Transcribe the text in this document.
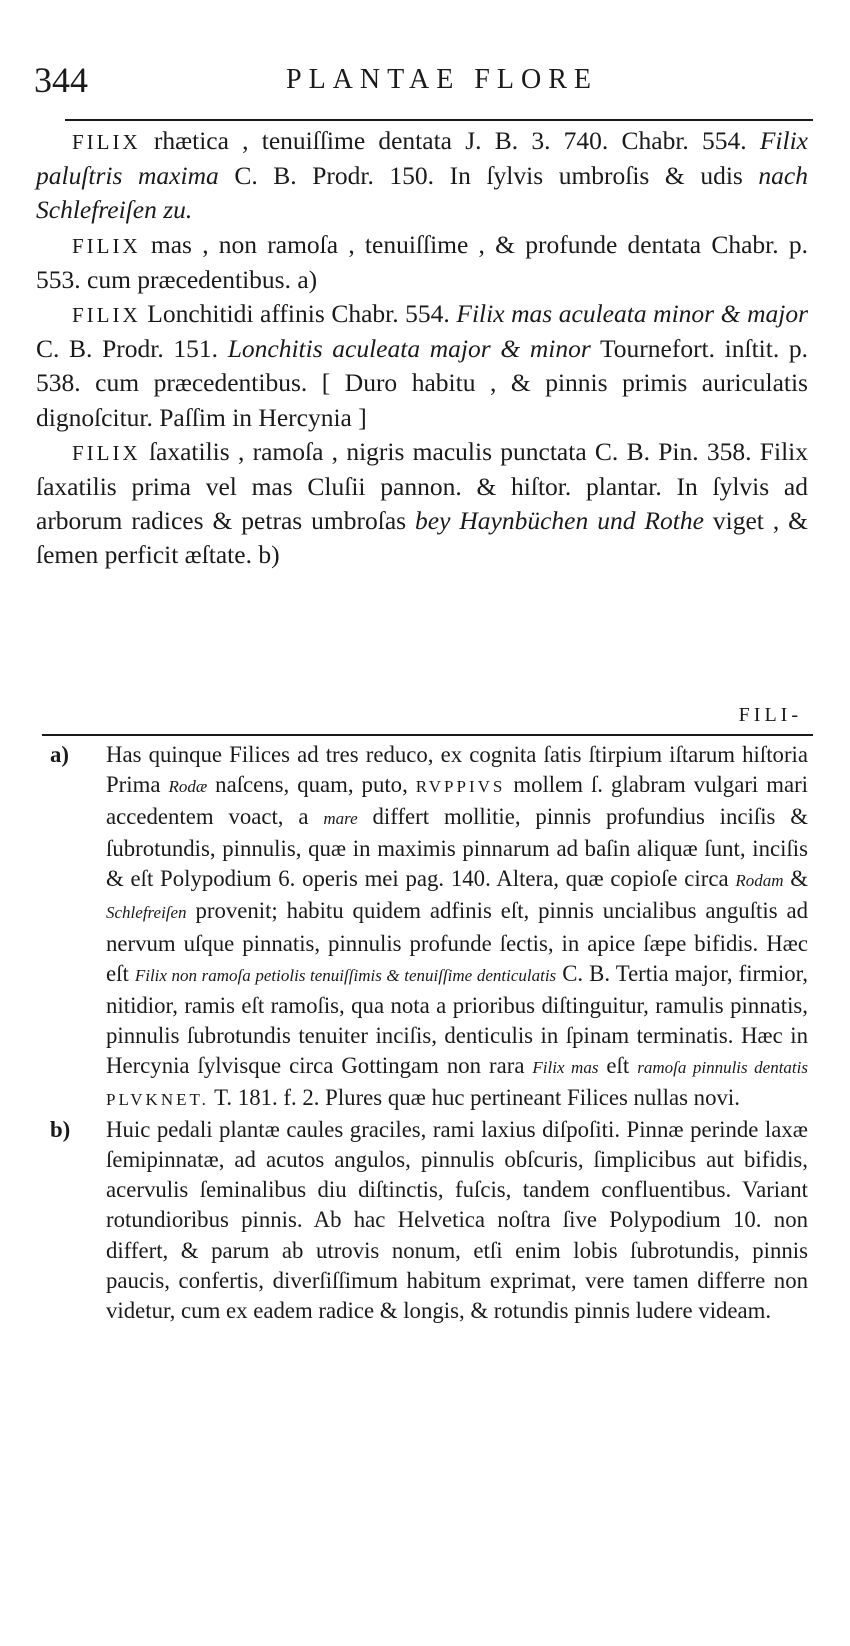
344	PLANTAE FLORE

FILIX rhætica , tenuiſſime dentata J. B. 3. 740. Chabr. 554. Filix paluſtris maxima C. B. Prodr. 150. In ſylvis umbroſis & udis nach Schlefreiſen zu.

FILIX mas , non ramoſa , tenuiſſime , & profunde dentata Chabr. p. 553. cum præcedentibus. a)

FILIX Lonchitidi affinis Chabr. 554. Filix mas aculeata minor & major C. B. Prodr. 151. Lonchitis aculeata major & minor Tournefort. inſtit. p. 538. cum præcedentibus. [ Duro habitu , & pinnis primis auriculatis dignoſcitur. Paſſim in Hercynia ]

FILIX ſaxatilis , ramoſa , nigris maculis punctata C. B. Pin. 358. Filix ſaxatilis prima vel mas Cluſii pannon. & hiſtor. plantar. In ſylvis ad arborum radices & petras umbroſas bey Haynbüchen und Rothe viget , & ſemen perficit æſtate. b)

FILI-

a) Has quinque Filices ad tres reduco, ex cognita ſatis ſtirpium iſtarum hiſtoria Prima Rodæ naſcens, quam, puto, RVPPIVS mollem ſ. glabram vulgari mari accedentem voact, a mare differt mollitie, pinnis profundius inciſis & ſubrotundis, pinnulis, quæ in maximis pinnarum ad baſin aliquæ ſunt, inciſis & eſt Polypodium 6. operis mei pag. 140. Altera, quæ copioſe circa Rodam & Schlefreiſen provenit; habitu quidem adfinis eſt, pinnis uncialibus anguſtis ad nervum uſque pinnatis, pinnulis profunde ſectis, in apice ſæpe bifidis. Hæc eſt Filix non ramoſa petiolis tenuiſſimis & tenuiſſime denticulatis C. B. Tertia major, firmior, nitidior, ramis eſt ramoſis, qua nota a prioribus diſtinguitur, ramulis pinnatis, pinnulis ſubrotundis tenuiter inciſis, denticulis in ſpinam terminatis. Hæc in Hercynia ſylvisque circa Gottingam non rara Filix mas eſt ramoſa pinnulis dentatis PLVKNET. T. 181. f. 2. Plures quæ huc pertineant Filices nullas novi.

b) Huic pedali plantæ caules graciles, rami laxius diſpoſiti. Pinnæ perinde laxæ ſemipinnatæ, ad acutos angulos, pinnulis obſcuris, ſimplicibus aut bifidis, acervulis ſeminalibus diu diſtinctis, fuſcis, tandem confluentibus. Variant rotundioribus pinnis. Ab hac Helvetica noſtra ſive Polypodium 10. non differt, & parum ab utrovis nonum, etſi enim lobis ſubrotundis, pinnis paucis, confertis, diverſiſſimum habitum exprimat, vere tamen differre non videtur, cum ex eadem radice & longis, & rotundis pinnis ludere videam.
